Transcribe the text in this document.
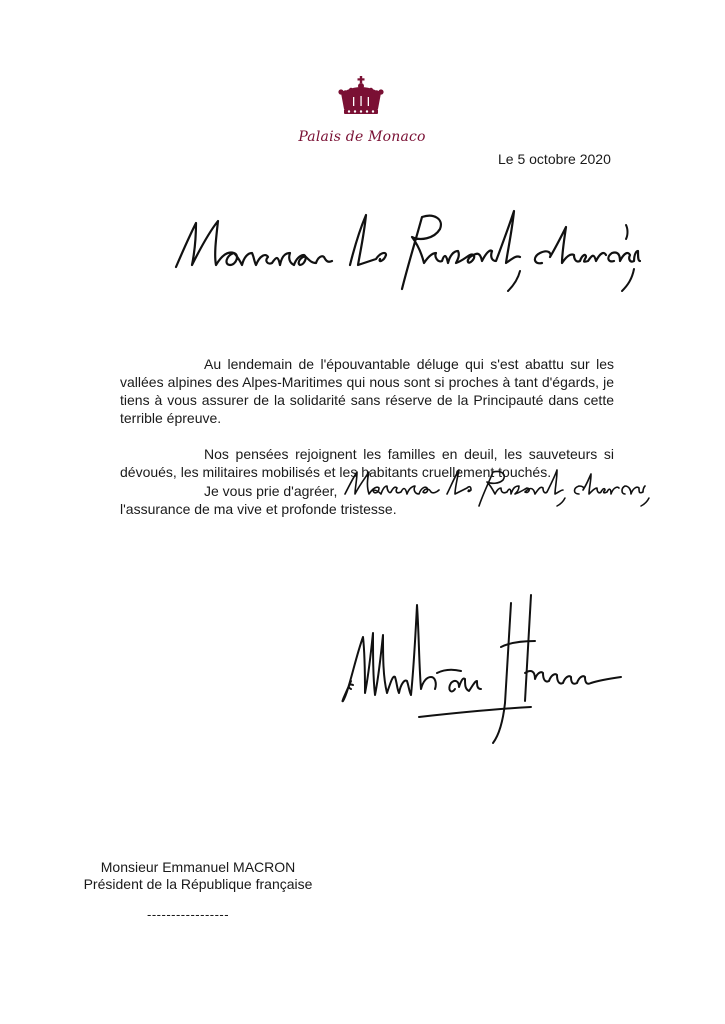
Palais de Monaco
Le 5 octobre 2020

Au lendemain de l'épouvantable déluge qui s'est abattu sur les vallées alpines des Alpes-Maritimes qui nous sont si proches à tant d'égards, je tiens à vous assurer de la solidarité sans réserve de la Principauté dans cette terrible épreuve.

Nos pensées rejoignent les familles en deuil, les sauveteurs si dévoués, les militaires mobilisés et les habitants cruellement touchés.

Je vous prie d'agréer,
l'assurance de ma vive et profonde tristesse.
Monsieur Emmanuel MACRON
Président de la République française
-----------------
